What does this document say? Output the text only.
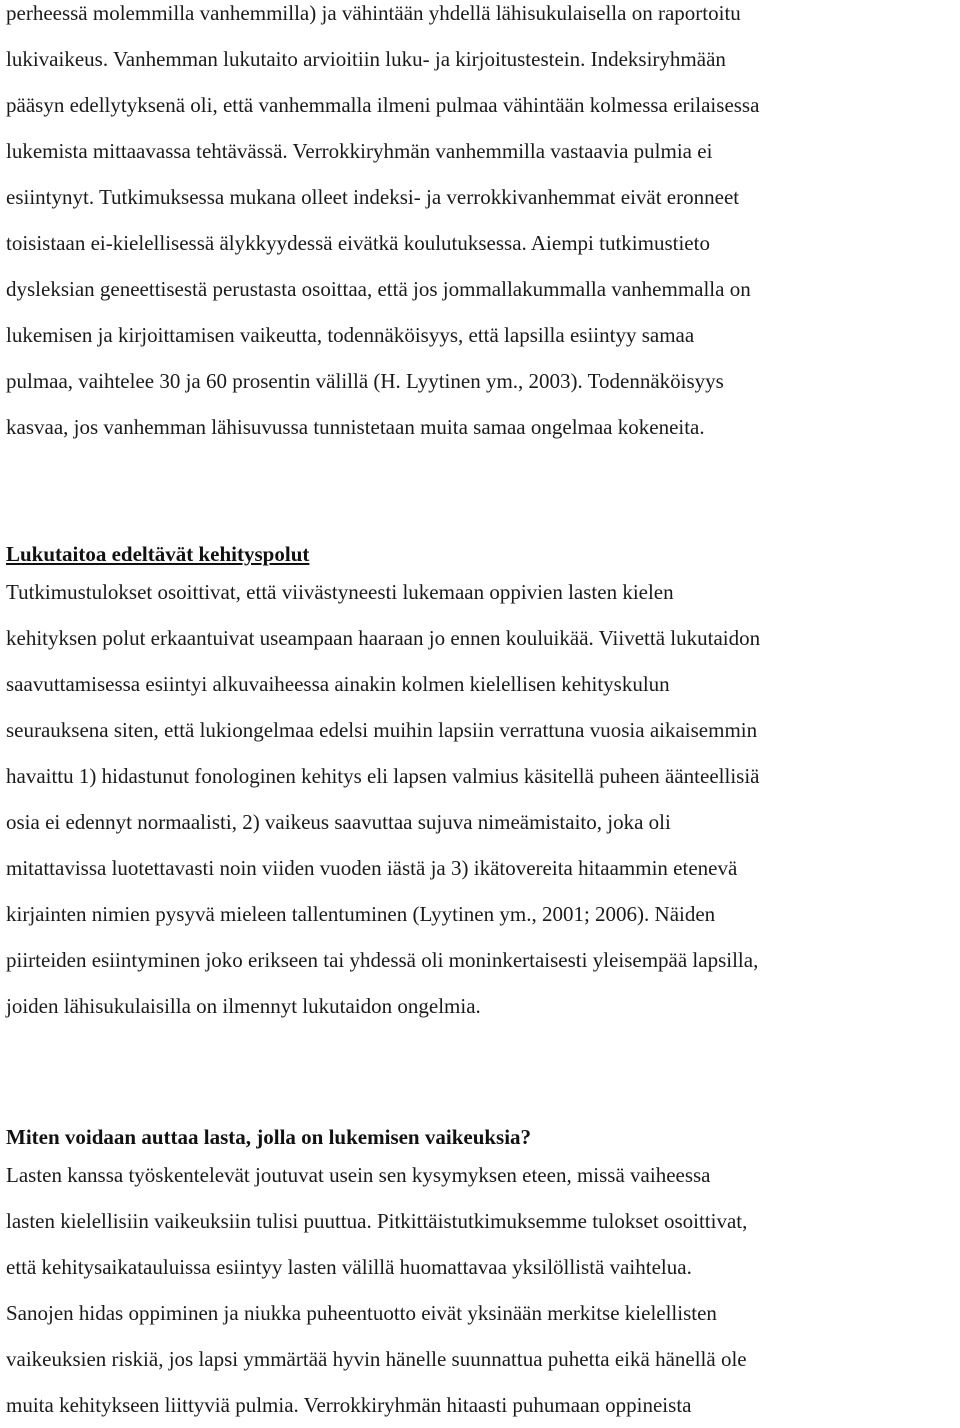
perheessä molemmilla vanhemmilla) ja vähintään yhdellä lähisukulaisella on raportoitu
lukivaikeus. Vanhemman lukutaito arvioitiin luku- ja kirjoitustestein. Indeksiryhmään
pääsyn edellytyksenä oli, että vanhemmalla ilmeni pulmaa vähintään kolmessa erilaisessa
lukemista mittaavassa tehtävässä. Verrokkiryhmän vanhemmilla vastaavia pulmia ei
esiintynyt. Tutkimuksessa mukana olleet indeksi- ja verrokkivanhemmat eivät eronneet
toisistaan ei-kielellisessä älykkyydessä eivätkä koulutuksessa. Aiempi tutkimustieto
dysleksian geneettisestä perustasta osoittaa, että jos jommallakummalla vanhemmalla on
lukemisen ja kirjoittamisen vaikeutta, todennäköisyys, että lapsilla esiintyy samaa
pulmaa, vaihtelee 30 ja 60 prosentin välillä (H. Lyytinen ym., 2003). Todennäköisyys
kasvaa, jos vanhemman lähisuvussa tunnistetaan muita samaa ongelmaa kokeneita.
Lukutaitoa edeltävät kehityspolut
Tutkimustulokset osoittivat, että viivästyneesti lukemaan oppivien lasten kielen
kehityksen polut erkaantuivat useampaan haaraan jo ennen kouluikää. Viivettä lukutaidon
saavuttamisessa esiintyi alkuvaiheessa ainakin kolmen kielellisen kehityskulun
seurauksena siten, että lukiongelmaa edelsi muihin lapsiin verrattuna vuosia aikaisemmin
havaittu 1) hidastunut fonologinen kehitys eli lapsen valmius käsitellä puheen äänteellisiä
osia ei edennyt normaalisti, 2) vaikeus saavuttaa sujuva nimeämistaito, joka oli
mitattavissa luotettavasti noin viiden vuoden iästä ja 3) ikätovereita hitaammin etenevä
kirjainten nimien pysyvä mieleen tallentuminen (Lyytinen ym., 2001; 2006). Näiden
piirteiden esiintyminen joko erikseen tai yhdessä oli moninkertaisesti yleisempää lapsilla,
joiden lähisukulaisilla on ilmennyt lukutaidon ongelmia.
Miten voidaan auttaa lasta, jolla on lukemisen vaikeuksia?
Lasten kanssa työskentelevät joutuvat usein sen kysymyksen eteen, missä vaiheessa
lasten kielellisiin vaikeuksiin tulisi puuttua. Pitkittäistutkimuksemme tulokset osoittivat,
että kehitysaikatauluissa esiintyy lasten välillä huomattavaa yksilöllistä vaihtelua.
Sanojen hidas oppiminen ja niukka puheentuotto eivät yksinään merkitse kielellisten
vaikeuksien riskiä, jos lapsi ymmärtää hyvin hänelle suunnattua puhetta eikä hänellä ole
muita kehitykseen liittyviä pulmia. Verrokkiryhmän hitaasti puhumaan oppineista
